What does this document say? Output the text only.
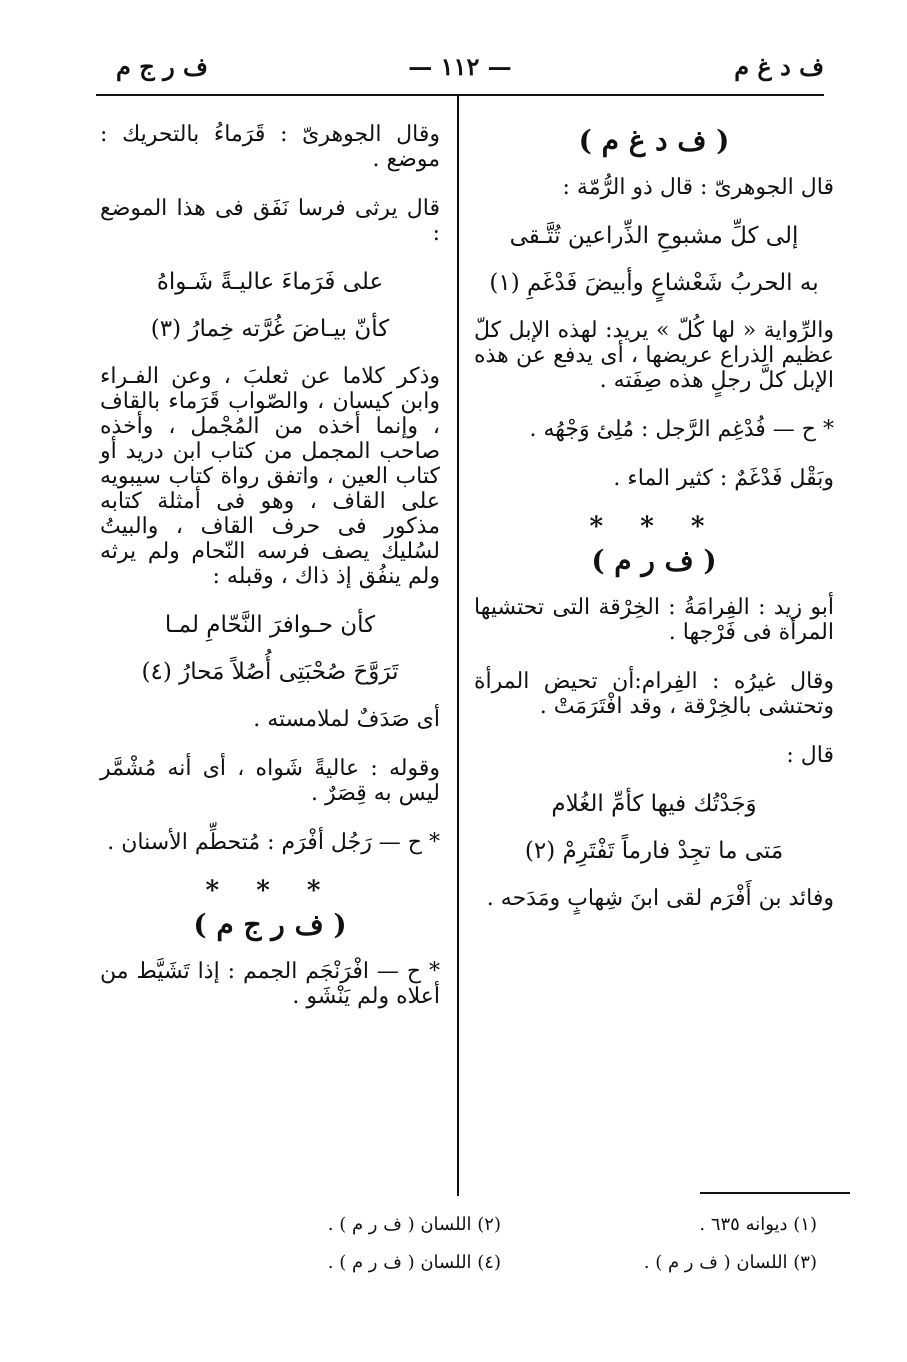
ف د غ م
— ١١٢ —
ف ر ج م
( ف د غ م )

قال الجوهرىّ : قال ذو الرُّمّة :

إلى كلِّ مشبوحِ الذِّراعين تُتَّـقى
به الحربُ شَعْشاعٍ وأبيضَ فَدْغَمِ (١)

والرِّواية « لها كُلّ » يريد: لهذه الإبل كلّ عظيم الذراع عريضها ، أى يدفع عن هذه الإبل كلَّ رجلٍ هذه صِفَته .

* ح — فُدْغِم الرَّجل : مُلِئ وَجْهُه .

وبَقْل فَدْغَمٌ : كثير الماء .

* * *
( ف ر م )

أبو زيد : الفِرامَةُ : الخِرْقة التى تحتشيها المرأة فى فَرْجها .

وقال غيرُه : الفِرام:أن تحيض المرأة وتحتشى بالخِرْقة ، وقد افْتَرَمَتْ .

قال :

وَجَدْتُك فيها كأمِّ الغُلام
مَتى ما تجِدْ فارماً تَفْتَرِمْ (٢)

وفائد بن أَفْرَم لقى ابنَ شِهابٍ ومَدَحه .

وقال الجوهرىّ : قَرَماءُ بالتحريك : موضع .

قال يرثى فرسا نَفَق فى هذا الموضع :

على فَرَماءَ عاليـةً شَـواهُ
كأنّ بيـاضَ غُرَّته خِمارُ (٣)

وذكر كلاما عن ثعلبَ ، وعن الفـراء وابن كيسان ، والصّواب قَرَماء بالقاف ، وإنما أخذه من المُجْمل ، وأخذه صاحب المجمل من كتاب ابن دريد أو كتاب العين ، واتفق رواة كتاب سيبويه على القاف ، وهو فى أمثلة كتابه مذكور فى حرف القاف ، والبيتُ لسُليك يصف فرسه النّحام ولم يرثه ولم ينفُق إذ ذاك ، وقبله :

كأن حـوافرَ النَّحّامِ لمـا
تَرَوَّحَ صُحْبَتِى أُصُلاً مَحارُ (٤)

أى صَدَفٌ لملامسته .

وقوله : عاليةً شَواه ، أى أنه مُشْمَّر ليس به قِصَرٌ .

* ح — رَجُل أفْرَم : مُتحطِّم الأسنان .

* * *
( ف ر ج م )

* ح — افْرَنْجَم الجمم : إذا تَشَيَّط من أعلاه ولم يَنْشَو .

(١) ديوانه ٦٣٥ .
(٣) اللسان ( ف ر م ) .
(٢) اللسان ( ف ر م ) .
(٤) اللسان ( ف ر م ) .
